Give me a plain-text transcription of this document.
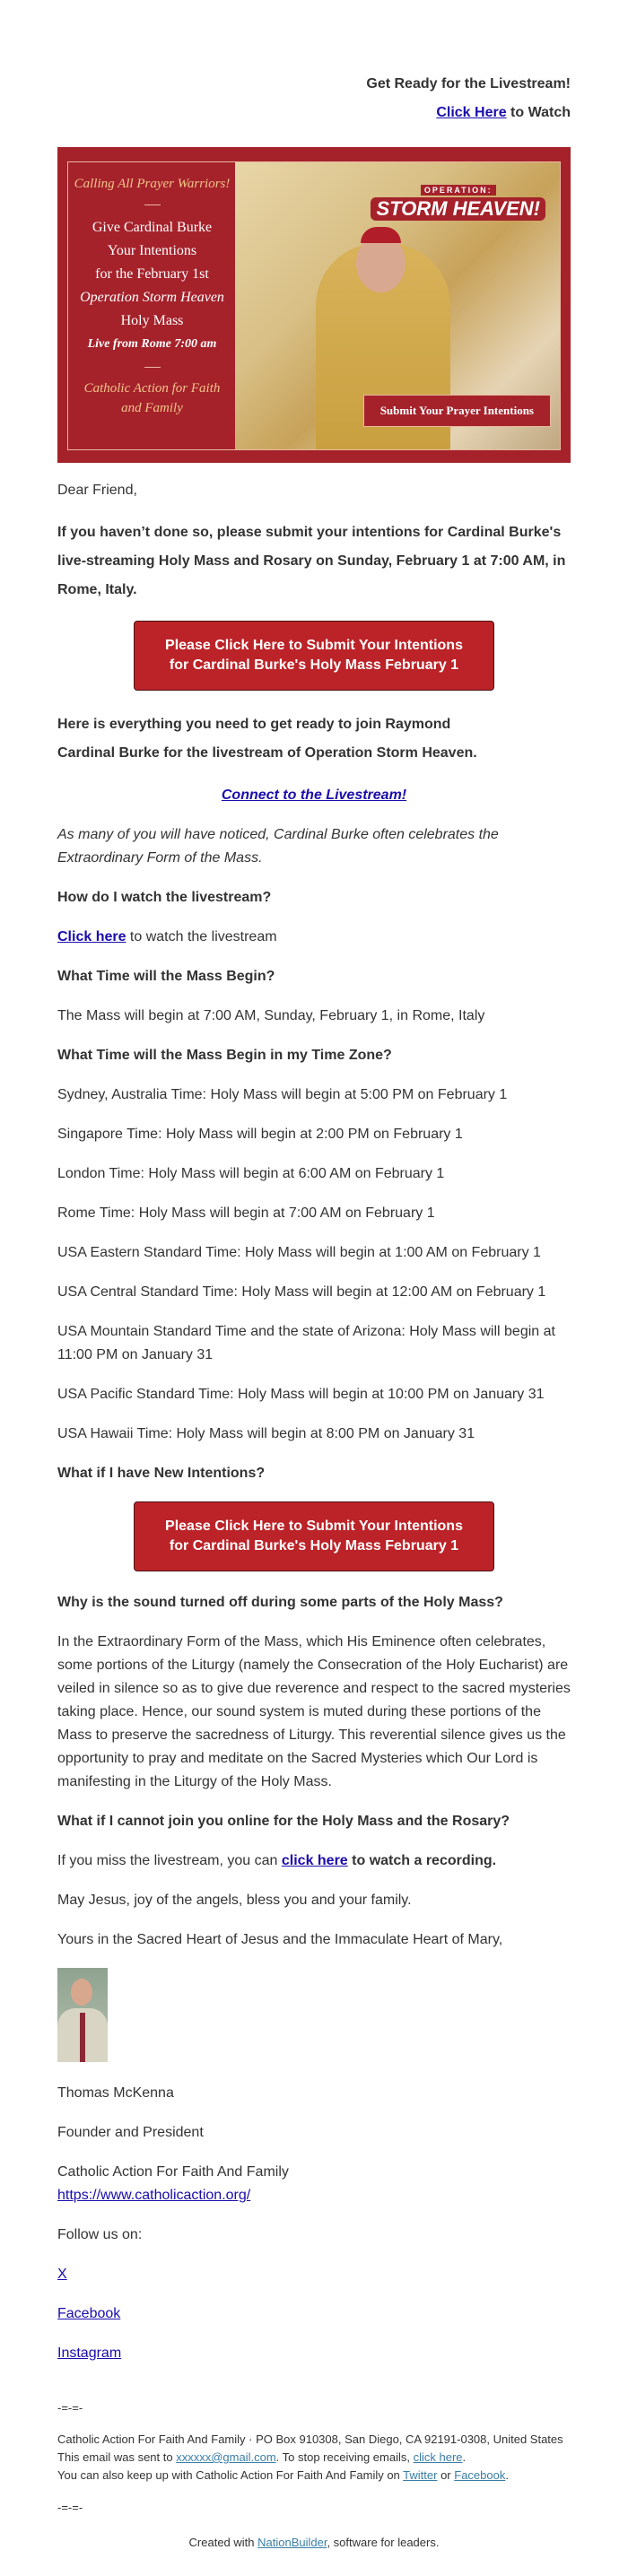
Get Ready for the Livestream!
Click Here to Watch
Calling All Prayer Warriors!
Give Cardinal Burke
Your Intentions
for the February 1st
Operation Storm Heaven
Holy Mass
Live from Rome 7:00 am
Catholic Action for Faith and Family
OPERATION:
STORM HEAVEN!
Submit Your Prayer Intentions

Dear Friend,

If you haven’t done so, please submit your intentions for Cardinal Burke's live-streaming Holy Mass and Rosary on Sunday, February 1 at 7:00 AM, in Rome, Italy.

Please Click Here to Submit Your Intentions
for Cardinal Burke's Holy Mass February 1

Here is everything you need to get ready to join Raymond Cardinal Burke for the livestream of Operation Storm Heaven.

Connect to the Livestream!

As many of you will have noticed, Cardinal Burke often celebrates the Extraordinary Form of the Mass.

How do I watch the livestream?

Click here to watch the livestream

What Time will the Mass Begin?

The Mass will begin at 7:00 AM, Sunday, February 1, in Rome, Italy

What Time will the Mass Begin in my Time Zone?

Sydney, Australia Time: Holy Mass will begin at 5:00 PM on February 1

Singapore Time: Holy Mass will begin at 2:00 PM on February 1

London Time: Holy Mass will begin at 6:00 AM on February 1

Rome Time: Holy Mass will begin at 7:00 AM on February 1

USA Eastern Standard Time: Holy Mass will begin at 1:00 AM on February 1

USA Central Standard Time: Holy Mass will begin at 12:00 AM on February 1

USA Mountain Standard Time and the state of Arizona: Holy Mass will begin at 11:00 PM on January 31

USA Pacific Standard Time: Holy Mass will begin at 10:00 PM on January 31

USA Hawaii Time: Holy Mass will begin at 8:00 PM on January 31

What if I have New Intentions?

Please Click Here to Submit Your Intentions
for Cardinal Burke's Holy Mass February 1

Why is the sound turned off during some parts of the Holy Mass?

In the Extraordinary Form of the Mass, which His Eminence often celebrates, some portions of the Liturgy (namely the Consecration of the Holy Eucharist) are veiled in silence so as to give due reverence and respect to the sacred mysteries taking place. Hence, our sound system is muted during these portions of the Mass to preserve the sacredness of Liturgy. This reverential silence gives us the opportunity to pray and meditate on the Sacred Mysteries which Our Lord is manifesting in the Liturgy of the Holy Mass.

What if I cannot join you online for the Holy Mass and the Rosary?

If you miss the livestream, you can click here to watch a recording.

May Jesus, joy of the angels, bless you and your family.

Yours in the Sacred Heart of Jesus and the Immaculate Heart of Mary,

Thomas McKenna

Founder and President

Catholic Action For Faith And Family
https://www.catholicaction.org/

Follow us on:

X

Facebook

Instagram

-=-=-
Catholic Action For Faith And Family · PO Box 910308, San Diego, CA 92191-0308, United States
This email was sent to xxxxxx@gmail.com. To stop receiving emails, click here.
You can also keep up with Catholic Action For Faith And Family on Twitter or Facebook.
-=-=-
Created with NationBuilder, software for leaders.
